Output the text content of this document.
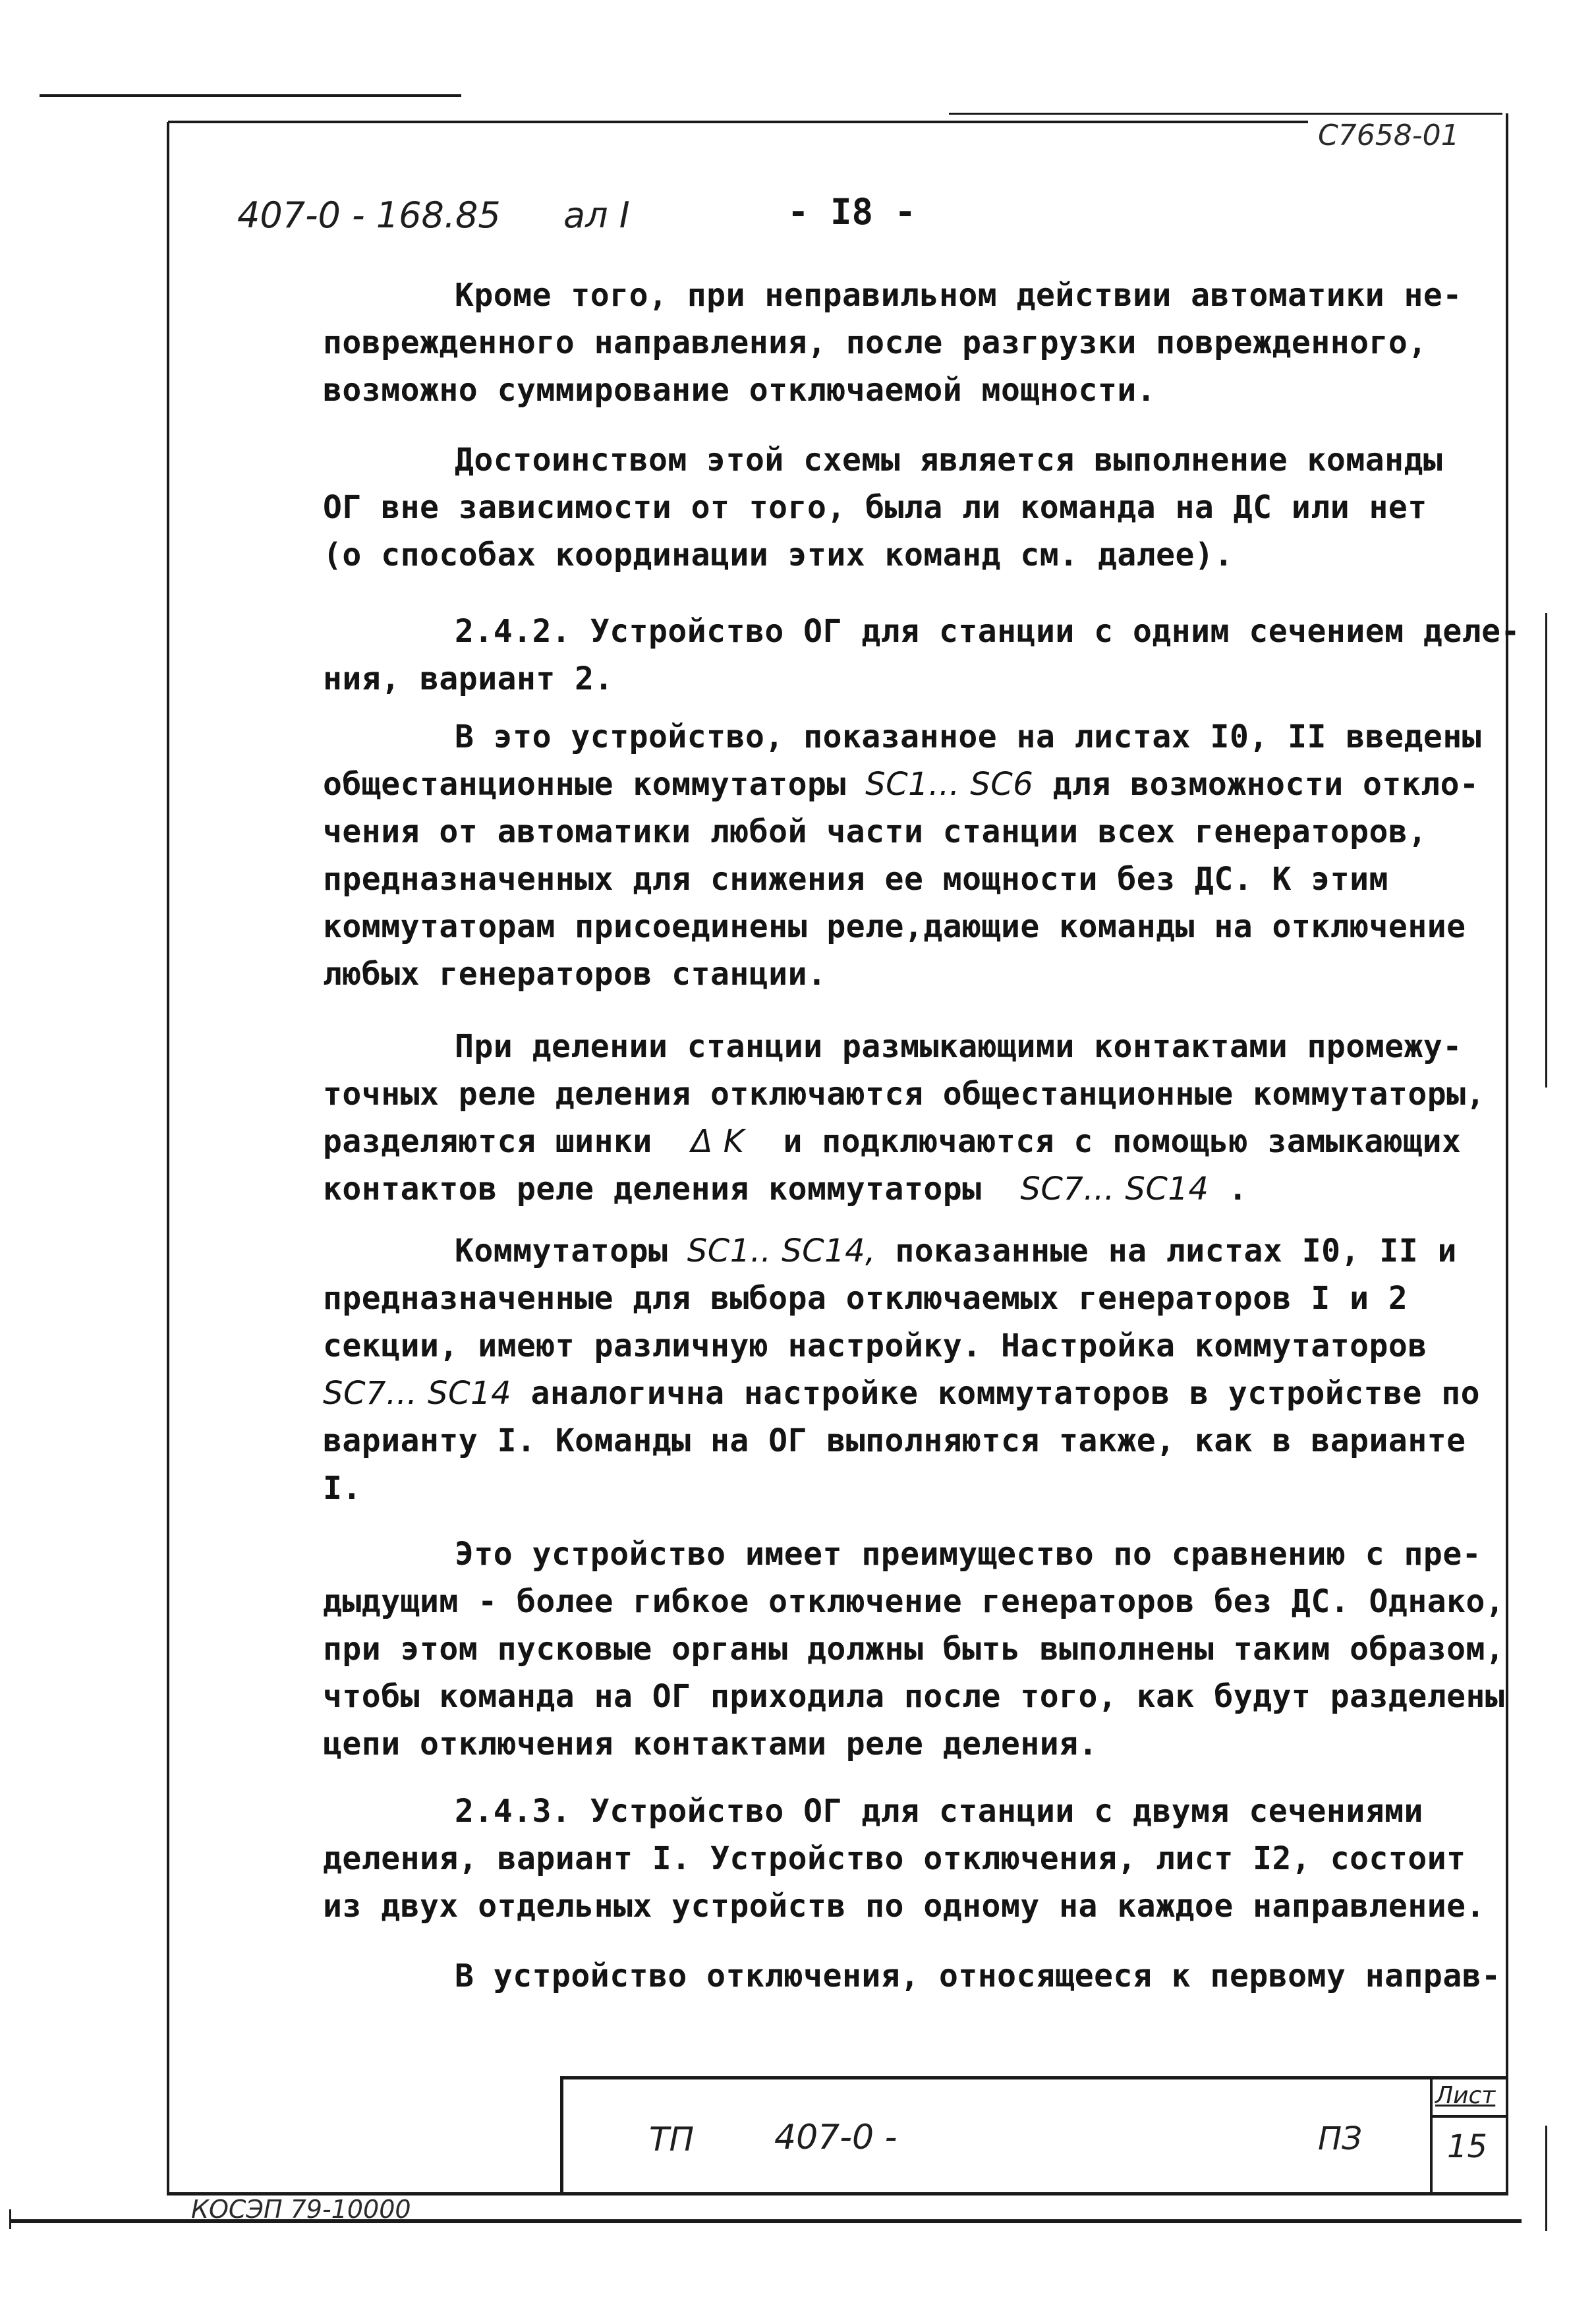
С7658-01
407-0 - 168.85 ал I	- I8 -
Кроме того, при неправильном действии автоматики не-
поврежденного направления, после разгрузки поврежденного,
возможно суммирование отключаемой мощности.
Достоинством этой схемы является выполнение команды
ОГ вне зависимости от того, была ли команда на ДС или нет
(о способах координации этих команд см. далее).
2.4.2. Устройство ОГ для станции с одним сечением деле-
ния, вариант 2.
В это устройство, показанное на листах I0, II введены
общестанционные коммутаторы SC1... SC6 для возможности откло-
чения от автоматики любой части станции всех генераторов,
предназначенных для снижения ее мощности без ДС. К этим
коммутаторам присоединены реле,дающие команды на отключение
любых генераторов станции.
При делении станции размыкающими контактами промежу-
точных реле деления отключаются общестанционные коммутаторы,
разделяются шинки Δ K и подключаются с помощью замыкающих
контактов реле деления коммутаторы SC7... SC14 .
Коммутаторы SC1.. SC14, показанные на листах I0, II и
предназначенные для выбора отключаемых генераторов I и 2
секции, имеют различную настройку. Настройка коммутаторов
SC7... SC14 аналогична настройке коммутаторов в устройстве по
варианту I. Команды на ОГ выполняются также, как в варианте
I.
Это устройство имеет преимущество по сравнению с пре-
дыдущим - более гибкое отключение генераторов без ДС. Однако,
при этом пусковые органы должны быть выполнены таким образом,
чтобы команда на ОГ приходила после того, как будут разделены
цепи отключения контактами реле деления.
2.4.3. Устройство ОГ для станции с двумя сечениями
деления, вариант I. Устройство отключения, лист I2, состоит
из двух отдельных устройств по одному на каждое направление.
В устройство отключения, относящееся к первому направ-
ТП 407-0 -	ПЗ
Лист
15
КОСЭП 79-10000
